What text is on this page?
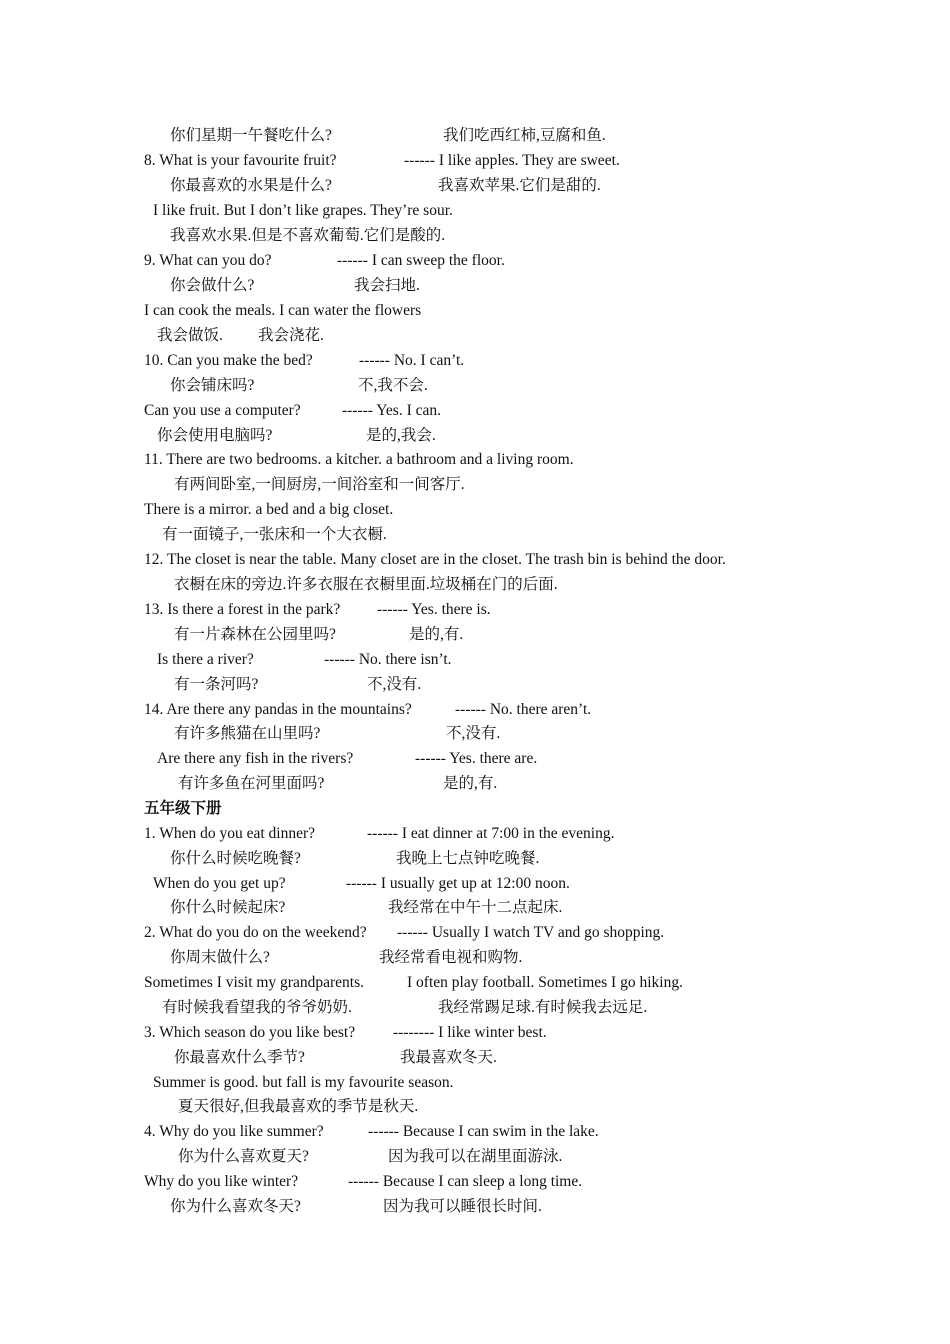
你们星期一午餐吃什么?	我们吃西红柿,豆腐和鱼.
8. What is your favourite fruit?	------ I like apples. They are sweet.
你最喜欢的水果是什么?	我喜欢苹果.它们是甜的.
I like fruit. But I don’t like grapes. They’re sour.
我喜欢水果.但是不喜欢葡萄.它们是酸的.
9. What can you do?	------ I can sweep the floor.
你会做什么?	我会扫地.
I can cook the meals. I can water the flowers
我会做饭. 我会浇花.
10. Can you make the bed?	------ No. I can’t.
你会铺床吗?	不,我不会.
Can you use a computer?	------ Yes. I can.
你会使用电脑吗?	是的,我会.
11. There are two bedrooms. a kitcher. a bathroom and a living room.
有两间卧室,一间厨房,一间浴室和一间客厅.
There is a mirror. a bed and a big closet.
有一面镜子,一张床和一个大衣橱.
12. The closet is near the table. Many closet are in the closet. The trash bin is behind the door.
衣橱在床的旁边.许多衣服在衣橱里面.垃圾桶在门的后面.
13. Is there a forest in the park? ------ Yes. there is.
有一片森林在公园里吗?	是的,有.
Is there a river?	------ No. there isn’t.
有一条河吗?	不,没有.
14. Are there any pandas in the mountains?	------ No. there aren’t.
有许多熊猫在山里吗?	不,没有.
Are there any fish in the rivers?	------ Yes. there are.
有许多鱼在河里面吗?	是的,有.
五年级下册
1. When do you eat dinner?	------ I eat dinner at 7:00 in the evening.
你什么时候吃晚餐?	我晚上七点钟吃晚餐.
When do you get up?	------ I usually get up at 12:00 noon.
你什么时候起床?	我经常在中午十二点起床.
2. What do you do on the weekend? ------ Usually I watch TV and go shopping.
你周末做什么?	我经常看电视和购物.
Sometimes I visit my grandparents.	I often play football. Sometimes I go hiking.
有时候我看望我的爷爷奶奶.	我经常踢足球.有时候我去远足.
3. Which season do you like best? -------- I like winter best.
你最喜欢什么季节?	我最喜欢冬天.
Summer is good. but fall is my favourite season.
夏天很好,但我最喜欢的季节是秋天.
4. Why do you like summer?	------ Because I can swim in the lake.
你为什么喜欢夏天?	因为我可以在湖里面游泳.
Why do you like winter?	------ Because I can sleep a long time.
你为什么喜欢冬天?	因为我可以睡很长时间.
